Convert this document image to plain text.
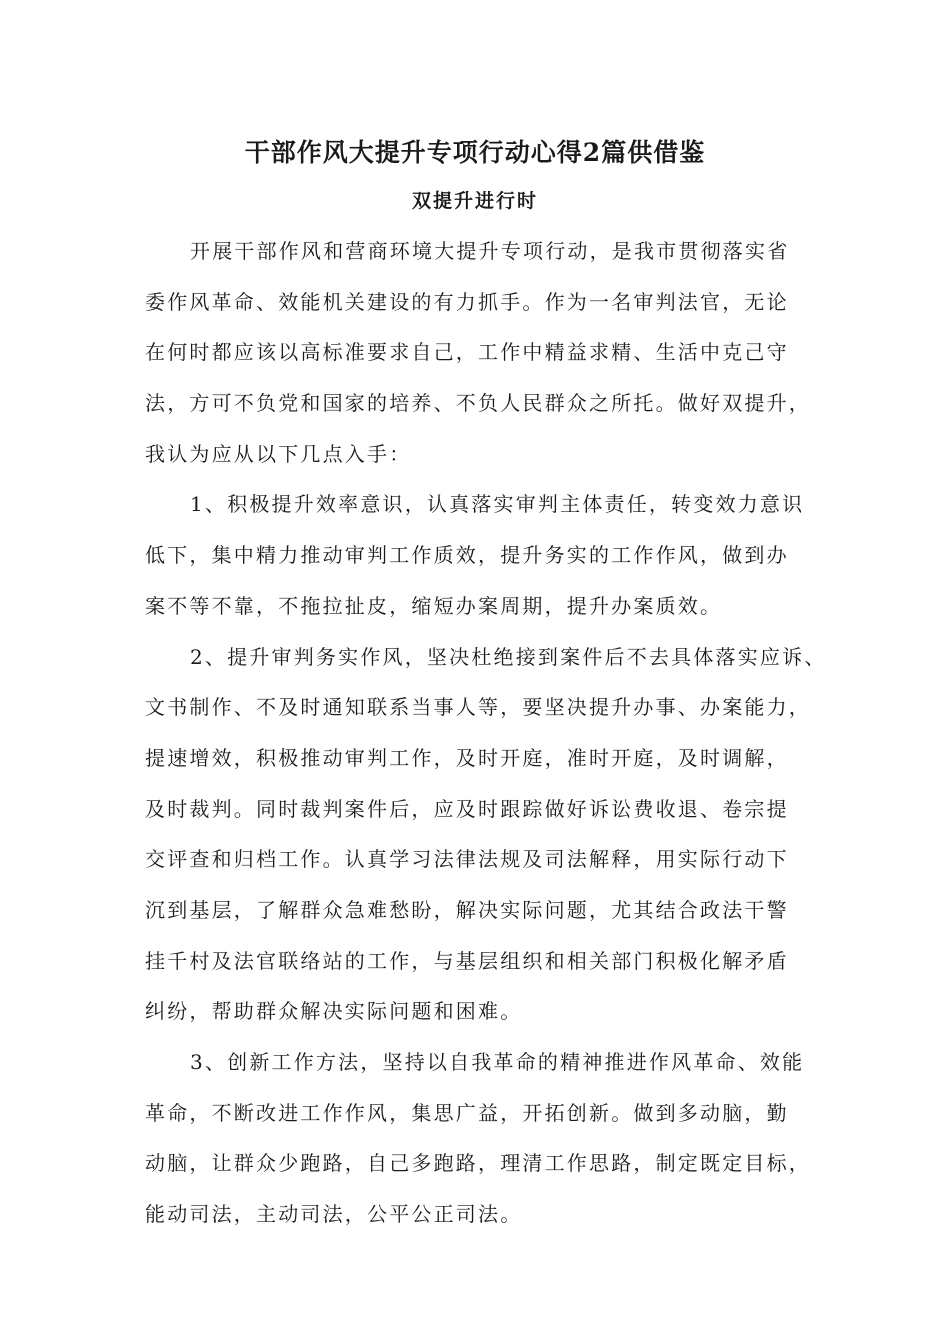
干部作风大提升专项行动心得2篇供借鉴
双提升进行时
开展干部作风和营商环境大提升专项行动，是我市贯彻落实省
委作风革命、效能机关建设的有力抓手。作为一名审判法官，无论
在何时都应该以高标准要求自己，工作中精益求精、生活中克己守
法，方可不负党和国家的培养、不负人民群众之所托。做好双提升，
我认为应从以下几点入手：
1、积极提升效率意识，认真落实审判主体责任，转变效力意识
低下，集中精力推动审判工作质效，提升务实的工作作风，做到办
案不等不靠，不拖拉扯皮，缩短办案周期，提升办案质效。
2、提升审判务实作风，坚决杜绝接到案件后不去具体落实应诉、
文书制作、不及时通知联系当事人等，要坚决提升办事、办案能力，
提速增效，积极推动审判工作，及时开庭，准时开庭，及时调解，
及时裁判。同时裁判案件后，应及时跟踪做好诉讼费收退、卷宗提
交评查和归档工作。认真学习法律法规及司法解释，用实际行动下
沉到基层，了解群众急难愁盼，解决实际问题，尤其结合政法干警
挂千村及法官联络站的工作，与基层组织和相关部门积极化解矛盾
纠纷，帮助群众解决实际问题和困难。
3、创新工作方法，坚持以自我革命的精神推进作风革命、效能
革命，不断改进工作作风，集思广益，开拓创新。做到多动脑，勤
动脑，让群众少跑路，自己多跑路，理清工作思路，制定既定目标，
能动司法，主动司法，公平公正司法。
